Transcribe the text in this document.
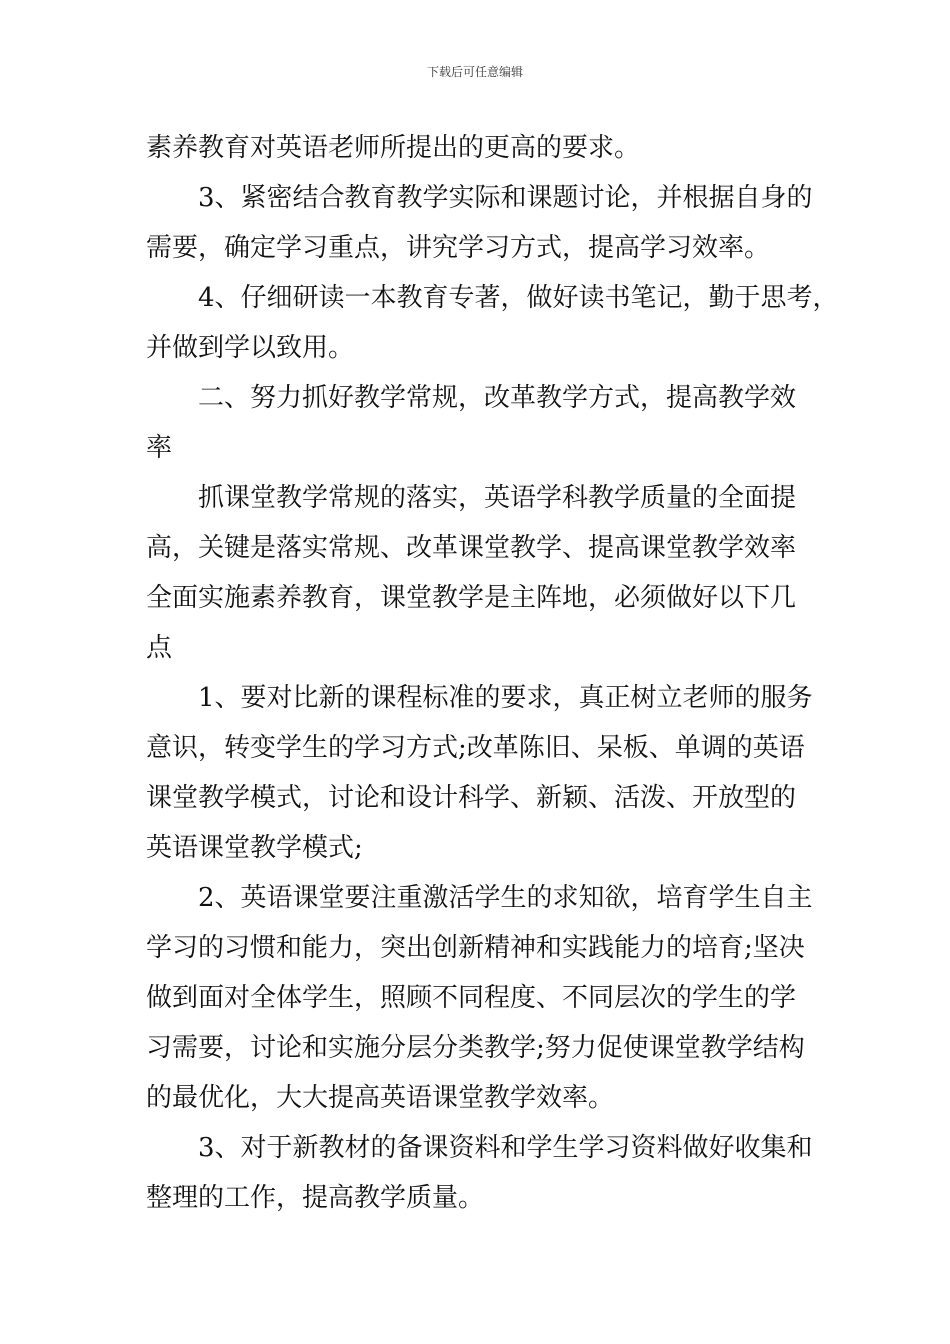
下载后可任意编辑
素养教育对英语老师所提出的更高的要求。
3、紧密结合教育教学实际和课题讨论，并根据自身的
需要，确定学习重点，讲究学习方式，提高学习效率。
4、仔细研读一本教育专著，做好读书笔记，勤于思考，
并做到学以致用。
二、努力抓好教学常规，改革教学方式，提高教学效
率
抓课堂教学常规的落实，英语学科教学质量的全面提
高，关键是落实常规、改革课堂教学、提高课堂教学效率
全面实施素养教育，课堂教学是主阵地，必须做好以下几
点
1、要对比新的课程标准的要求，真正树立老师的服务
意识，转变学生的学习方式;改革陈旧、呆板、单调的英语
课堂教学模式，讨论和设计科学、新颖、活泼、开放型的
英语课堂教学模式;
2、英语课堂要注重激活学生的求知欲，培育学生自主
学习的习惯和能力，突出创新精神和实践能力的培育;坚决
做到面对全体学生，照顾不同程度、不同层次的学生的学
习需要，讨论和实施分层分类教学;努力促使课堂教学结构
的最优化，大大提高英语课堂教学效率。
3、对于新教材的备课资料和学生学习资料做好收集和
整理的工作，提高教学质量。
